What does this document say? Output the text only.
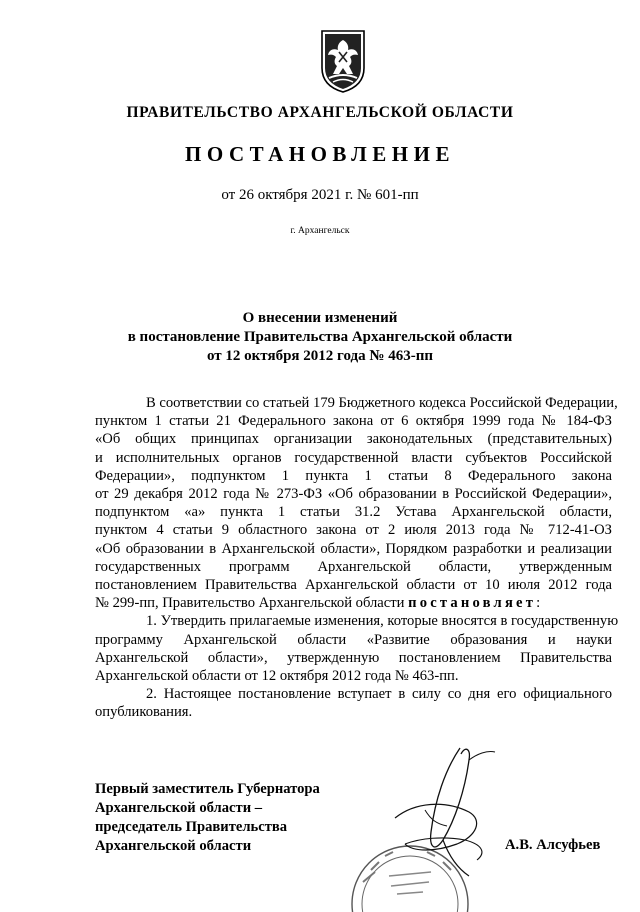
ПРАВИТЕЛЬСТВО АРХАНГЕЛЬСКОЙ ОБЛАСТИ
ПОСТАНОВЛЕНИЕ
от 26 октября 2021 г. № 601-пп
г. Архангельск
О внесении изменений
в постановление Правительства Архангельской области
от 12 октября 2012 года № 463-пп
В соответствии со статьей 179 Бюджетного кодекса Российской Федерации,
пунктом 1 статьи 21 Федерального закона от 6 октября 1999 года № 184-ФЗ
«Об общих принципах организации законодательных (представительных)
и исполнительных органов государственной власти субъектов Российской
Федерации», подпунктом 1 пункта 1 статьи 8 Федерального закона
от 29 декабря 2012 года № 273-ФЗ «Об образовании в Российской Федерации»,
подпунктом «а» пункта 1 статьи 31.2 Устава Архангельской области,
пунктом 4 статьи 9 областного закона от 2 июля 2013 года № 712-41-ОЗ
«Об образовании в Архангельской области», Порядком разработки и реализации
государственных программ Архангельской области, утвержденным
постановлением Правительства Архангельской области от 10 июля 2012 года
№ 299-пп, Правительство Архангельской области постановляет:
1. Утвердить прилагаемые изменения, которые вносятся в государственную
программу Архангельской области «Развитие образования и науки
Архангельской области», утвержденную постановлением Правительства
Архангельской области от 12 октября 2012 года № 463-пп.
2. Настоящее постановление вступает в силу со дня его официального
опубликования.
Первый заместитель Губернатора
Архангельской области –
председатель Правительства
Архангельской области	А.В. Алсуфьев
